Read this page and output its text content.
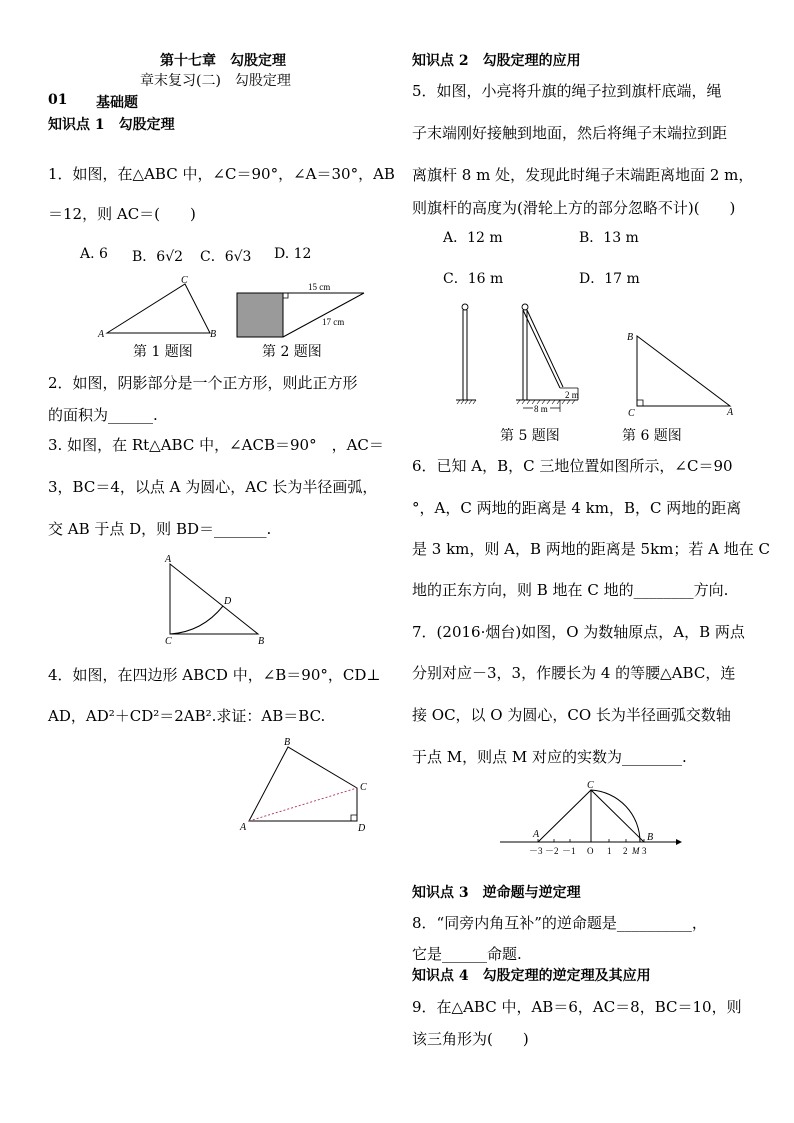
第十七章　勾股定理
章末复习(二)　勾股定理
01 基础题
知识点 1　勾股定理
1．如图，在△ABC 中，∠C＝90°，∠A＝30°，AB
＝12，则 AC＝(　　)
A. 6 B．6√2 C．6√3 D. 12
A
C
B
第 1 题图
15 cm
17 cm
第 2 题图
2．如图，阴影部分是一个正方形，则此正方形
的面积为______.
3. 如图，在 Rt△ABC 中，∠ACB＝90°　，AC＝
3，BC＝4，以点 A 为圆心，AC 长为半径画弧，
交 AB 于点 D，则 BD＝_______.
A
D
C	B
4．如图，在四边形 ABCD 中，∠B＝90°，CD⊥
AD，AD²＋CD²＝2AB².求证：AB＝BC.
A
B
C
D
知识点 2　勾股定理的应用
5．如图，小亮将升旗的绳子拉到旗杆底端，绳
子末端刚好接触到地面，然后将绳子末端拉到距
离旗杆 8 m 处，发现此时绳子末端距离地面 2 m，
则旗杆的高度为(滑轮上方的部分忽略不计)(　　)
A．12 m	B．13 m
C．16 m	D．17 m
2 m
8 m
第 5 题图
B
C	A
第 6 题图
6．已知 A，B，C 三地位置如图所示，∠C＝90
°，A，C 两地的距离是 4 km，B，C 两地的距离
是 3 km，则 A，B 两地的距离是 5km；若 A 地在 C
地的正东方向，则 B 地在 C 地的________方向.
7．(2016·烟台)如图，O 为数轴原点，A，B 两点
分别对应－3，3，作腰长为 4 的等腰△ABC，连
接 OC，以 O 为圆心，CO 长为半径画弧交数轴
于点 M，则点 M 对应的实数为________.
A
C
B
－3 －2 －1 O 1 2 M 3
知识点 3　逆命题与逆定理
8．“同旁内角互补”的逆命题是__________，
它是______命题.
知识点 4　勾股定理的逆定理及其应用
9．在△ABC 中，AB＝6，AC＝8，BC＝10，则
该三角形为(　　)
